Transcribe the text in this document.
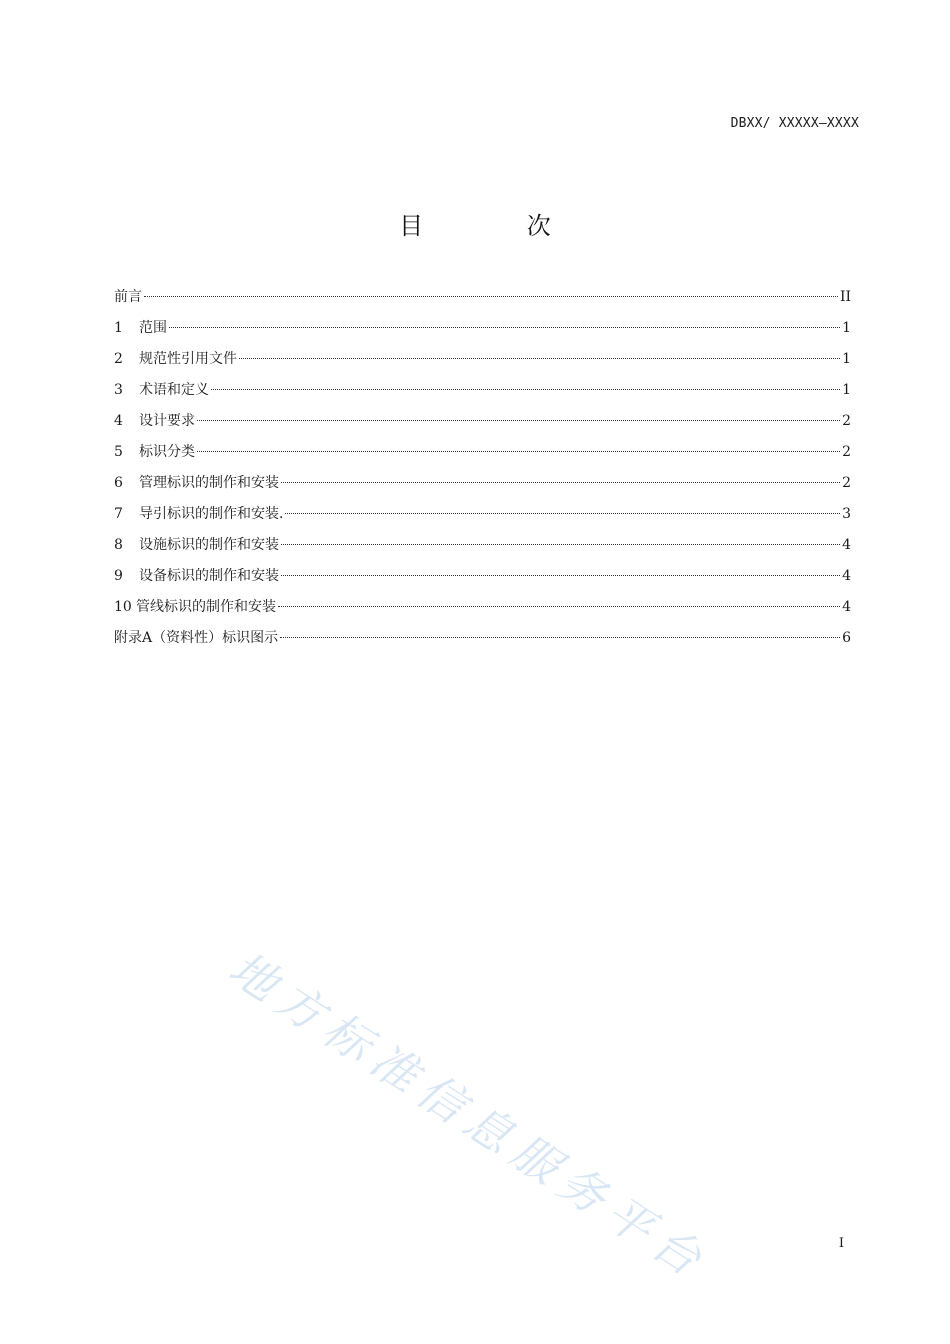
DBXX/ XXXXX—XXXX
目 次
前言	II
1	范围	1
2	规范性引用文件	1
3	术语和定义	1
4	设计要求	2
5	标识分类	2
6	管理标识的制作和安装	2
7	导引标识的制作和安装.	3
8	设施标识的制作和安装	4
9	设备标识的制作和安装	4
10 管线标识的制作和安装	4
附录A（资料性）标识图示	6
地方标准信息服务平台	I
